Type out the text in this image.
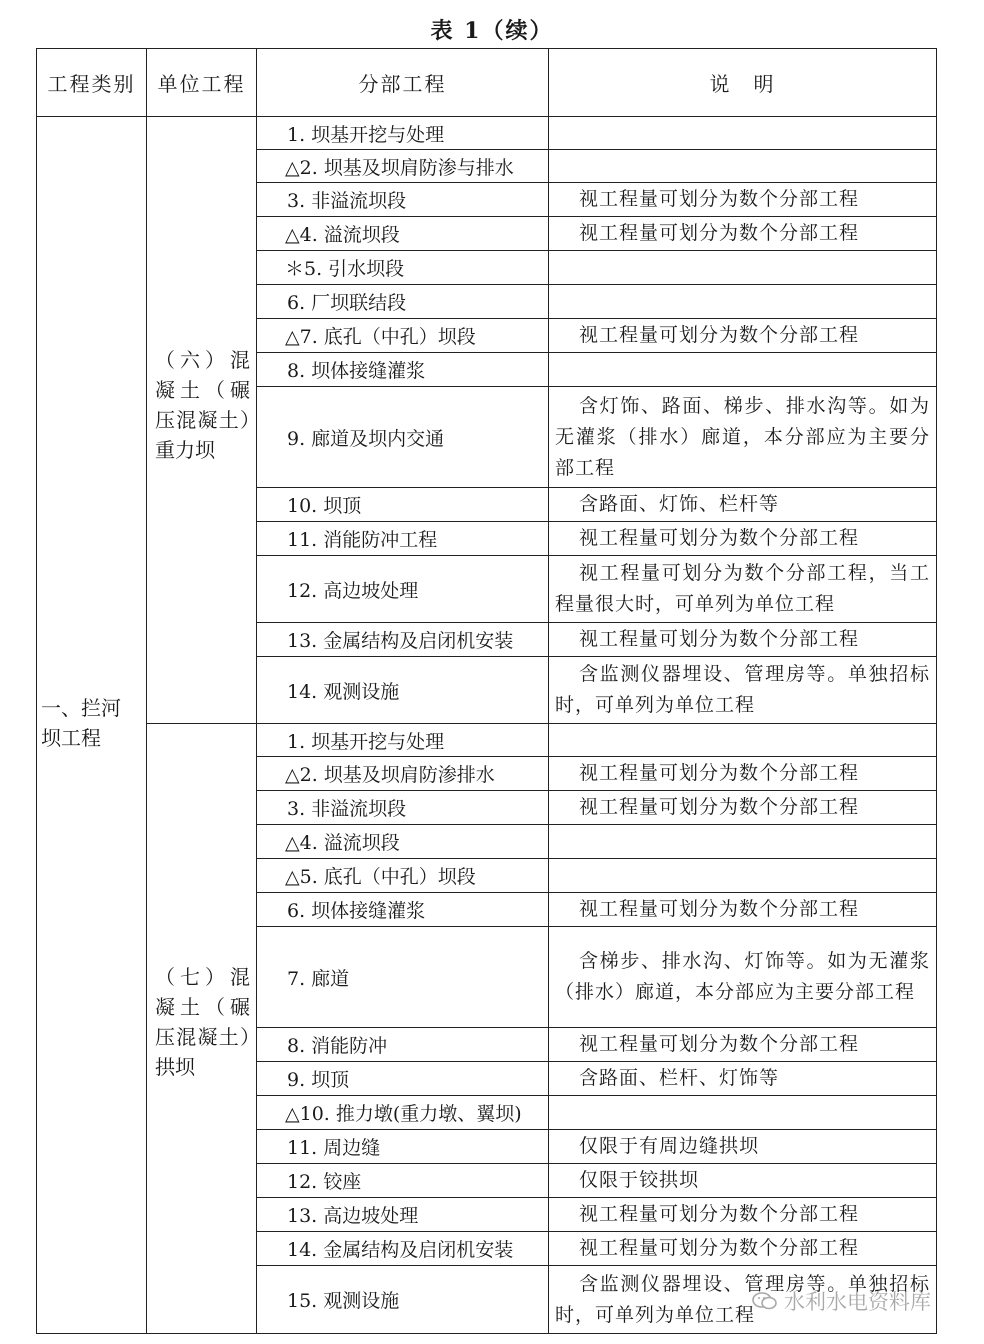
表 1（续）
工程类别	单位工程	分部工程	说　明
一、拦河坝工程	（六）混凝土（碾压混凝土）重力坝	1. 坝基开挖与处理	
		△2. 坝基及坝肩防渗与排水	
		3. 非溢流坝段	视工程量可划分为数个分部工程
		△4. 溢流坝段	视工程量可划分为数个分部工程
		＊5. 引水坝段	
		6. 厂坝联结段	
		△7. 底孔（中孔）坝段	视工程量可划分为数个分部工程
		8. 坝体接缝灌浆	
		9. 廊道及坝内交通	含灯饰、路面、梯步、排水沟等。如为无灌浆（排水）廊道，本分部应为主要分部工程
		10. 坝顶	含路面、灯饰、栏杆等
		11. 消能防冲工程	视工程量可划分为数个分部工程
		12. 高边坡处理	视工程量可划分为数个分部工程，当工程量很大时，可单列为单位工程
		13. 金属结构及启闭机安装	视工程量可划分为数个分部工程
		14. 观测设施	含监测仪器埋设、管理房等。单独招标时，可单列为单位工程
	（七）混凝土（碾压混凝土）拱坝	1. 坝基开挖与处理	
		△2. 坝基及坝肩防渗排水	视工程量可划分为数个分部工程
		3. 非溢流坝段	视工程量可划分为数个分部工程
		△4. 溢流坝段	
		△5. 底孔（中孔）坝段	
		6. 坝体接缝灌浆	视工程量可划分为数个分部工程
		7. 廊道	含梯步、排水沟、灯饰等。如为无灌浆（排水）廊道，本分部应为主要分部工程
		8. 消能防冲	视工程量可划分为数个分部工程
		9. 坝顶	含路面、栏杆、灯饰等
		△10. 推力墩(重力墩、翼坝)	
		11. 周边缝	仅限于有周边缝拱坝
		12. 铰座	仅限于铰拱坝
		13. 高边坡处理	视工程量可划分为数个分部工程
		14. 金属结构及启闭机安装	视工程量可划分为数个分部工程
		15. 观测设施	含监测仪器埋设、管理房等。单独招标时，可单列为单位工程
水利水电资料库
